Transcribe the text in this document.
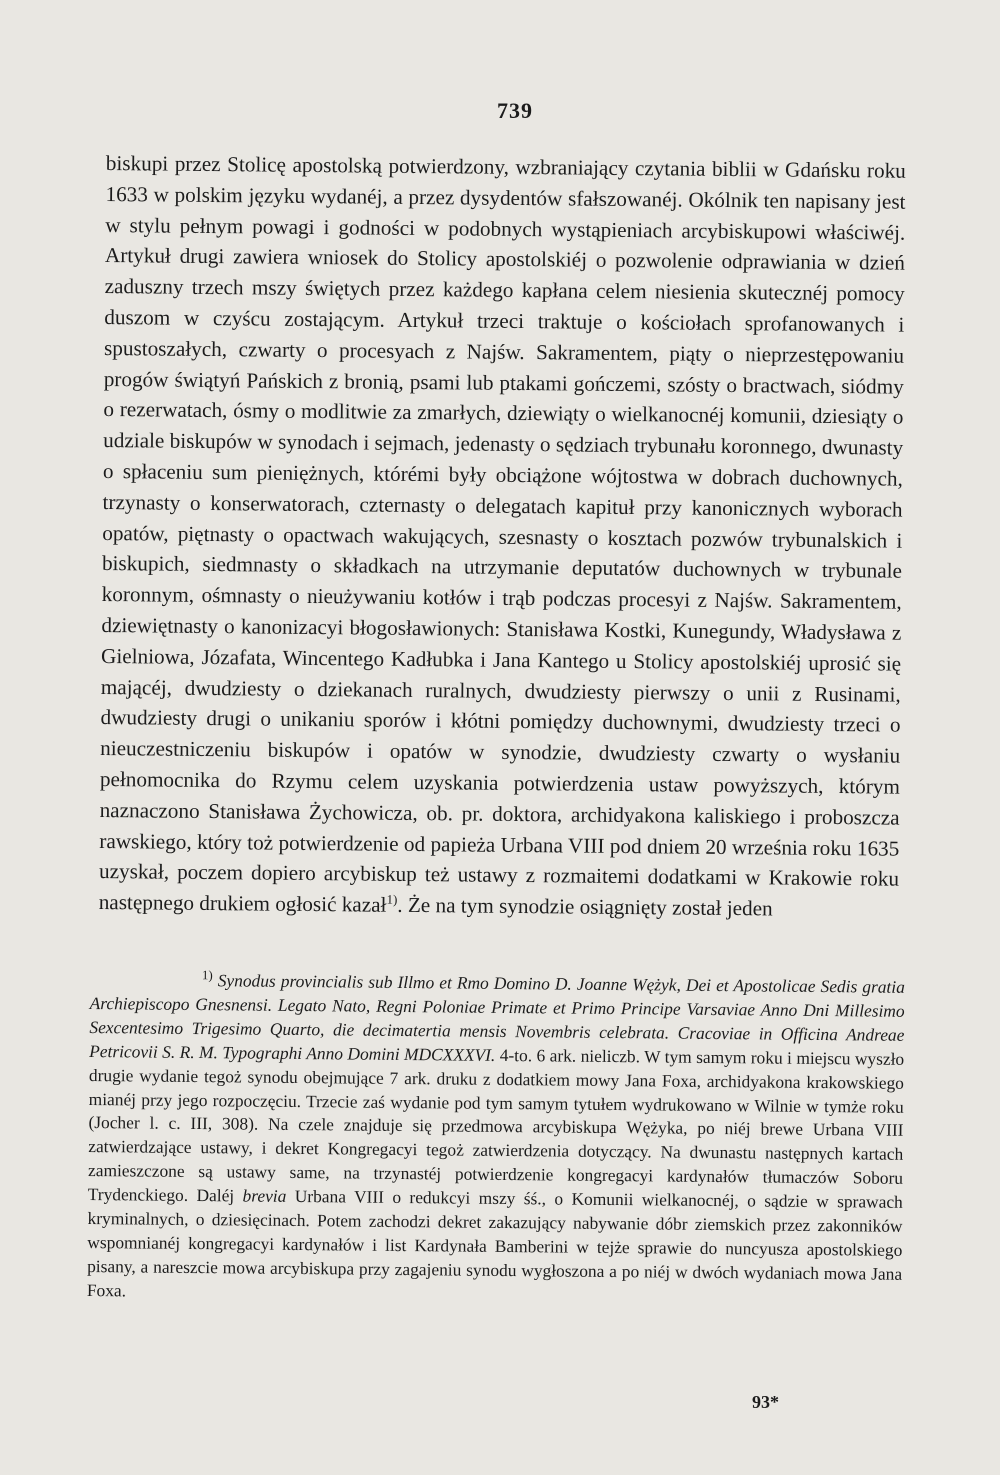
739

biskupi przez Stolicę apostolską potwierdzony, wzbraniający czytania biblii w Gdańsku roku 1633 w polskim języku wydanéj, a przez dysydentów sfałszowanéj. Okólnik ten napisany jest w stylu pełnym powagi i godności w podobnych wystąpieniach arcybiskupowi właściwéj. Artykuł drugi zawiera wniosek do Stolicy apostolskiéj o pozwolenie odprawiania w dzień zaduszny trzech mszy świętych przez każdego kapłana celem niesienia skutecznéj pomocy duszom w czyścu zostającym. Artykuł trzeci traktuje o kościołach sprofanowanych i spustoszałych, czwarty o procesyach z Najśw. Sakramentem, piąty o nieprzestępowaniu progów świątyń Pańskich z bronią, psami lub ptakami gończemi, szósty o bractwach, siódmy o rezerwatach, ósmy o modlitwie za zmarłych, dziewiąty o wielkanocnéj komunii, dziesiąty o udziale biskupów w synodach i sejmach, jedenasty o sędziach trybunału koronnego, dwunasty o spłaceniu sum pieniężnych, którémi były obciążone wójtostwa w dobrach duchownych, trzynasty o konserwatorach, czternasty o delegatach kapituł przy kanonicznych wyborach opatów, piętnasty o opactwach wakujących, szesnasty o kosztach pozwów trybunalskich i biskupich, siedmnasty o składkach na utrzymanie deputatów duchownych w trybunale koronnym, ośmnasty o nieużywaniu kotłów i trąb podczas procesyi z Najśw. Sakramentem, dziewiętnasty o kanonizacyi błogosławionych: Stanisława Kostki, Kunegundy, Władysława z Gielniowa, Józafata, Wincentego Kadłubka i Jana Kantego u Stolicy apostolskiéj uprosić się mającéj, dwudziesty o dziekanach ruralnych, dwudziesty pierwszy o unii z Rusinami, dwudziesty drugi o unikaniu sporów i kłótni pomiędzy duchownymi, dwudziesty trzeci o nieuczestniczeniu biskupów i opatów w synodzie, dwudziesty czwarty o wysłaniu pełnomocnika do Rzymu celem uzyskania potwierdzenia ustaw powyższych, którym naznaczono Stanisława Żychowicza, ob. pr. doktora, archidyakona kaliskiego i proboszcza rawskiego, który toż potwierdzenie od papieża Urbana VIII pod dniem 20 września roku 1635 uzyskał, poczem dopiero arcybiskup też ustawy z rozmaitemi dodatkami w Krakowie roku następnego drukiem ogłosić kazał$^{1)}$. Że na tym synodzie osiągnięty został jeden

$^{1)}$ Synodus provincialis sub Illmo et Rmo Domino D. Joanne Wężyk, Dei et Apostolicae Sedis gratia Archiepiscopo Gnesnensi. Legato Nato, Regni Poloniae Primate et Primo Principe Varsaviae Anno Dni Millesimo Sexcentesimo Trigesimo Quarto, die decimatertia mensis Novembris celebrata. Cracoviae in Officina Andreae Petricovii S. R. M. Typographi Anno Domini MDCXXXVI. 4-to. 6 ark. nieliczb. W tym samym roku i miejscu wyszło drugie wydanie tegoż synodu obejmujące 7 ark. druku z dodatkiem mowy Jana Foxa, archidyakona krakowskiego mianéj przy jego rozpoczęciu. Trzecie zaś wydanie pod tym samym tytułem wydrukowano w Wilnie w tymże roku (Jocher l. c. III, 308). Na czele znajduje się przedmowa arcybiskupa Wężyka, po niéj brewe Urbana VIII zatwierdzające ustawy, i dekret Kongregacyi tegoż zatwierdzenia dotyczący. Na dwunastu następnych kartach zamieszczone są ustawy same, na trzynastéj potwierdzenie kongregacyi kardynałów tłumaczów Soboru Trydenckiego. Daléj brevia Urbana VIII o redukcyi mszy śś., o Komunii wielkanocnéj, o sądzie w sprawach kryminalnych, o dziesięcinach. Potem zachodzi dekret zakazujący nabywanie dóbr ziemskich przez zakonników wspomnianéj kongregacyi kardynałów i list Kardynała Bamberini w tejże sprawie do nuncyusza apostolskiego pisany, a nareszcie mowa arcybiskupa przy zagajeniu synodu wygłoszona a po niéj w dwóch wydaniach mowa Jana Foxa.

93*
